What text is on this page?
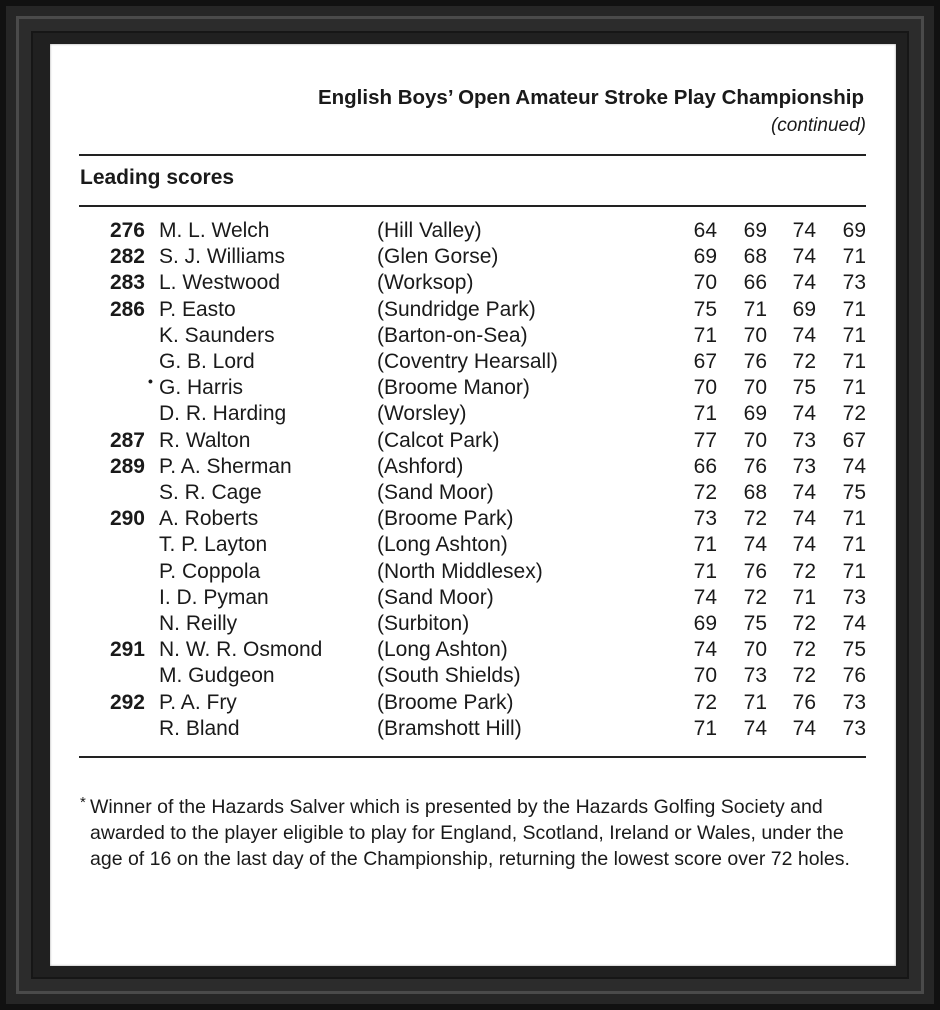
English Boys’ Open Amateur Stroke Play Championship
(continued)
Leading scores
276 M. L. Welch	(Hill Valley)	64	69	74	69
282 S. J. Williams	(Glen Gorse)	69	68	74	71
283 L. Westwood	(Worksop)	70	66	74	73
286 P. Easto	(Sundridge Park)	75	71	69	71
K. Saunders	(Barton-on-Sea)	71	70	74	71
G. B. Lord	(Coventry Hearsall)	67	76	72	71
• G. Harris	(Broome Manor)	70	70	75	71
D. R. Harding	(Worsley)	71	69	74	72
287 R. Walton	(Calcot Park)	77	70	73	67
289 P. A. Sherman	(Ashford)	66	76	73	74
S. R. Cage	(Sand Moor)	72	68	74	75
290 A. Roberts	(Broome Park)	73	72	74	71
T. P. Layton	(Long Ashton)	71	74	74	71
P. Coppola	(North Middlesex)	71	76	72	71
I. D. Pyman	(Sand Moor)	74	72	71	73
N. Reilly	(Surbiton)	69	75	72	74
291 N. W. R. Osmond	(Long Ashton)	74	70	72	75
M. Gudgeon	(South Shields)	70	73	72	76
292 P. A. Fry	(Broome Park)	72	71	76	73
R. Bland	(Bramshott Hill)	71	74	74	73
* Winner of the Hazards Salver which is presented by the Hazards Golfing Society and awarded to the player eligible to play for England, Scotland, Ireland or Wales, under the age of 16 on the last day of the Championship, returning the lowest score over 72 holes.
